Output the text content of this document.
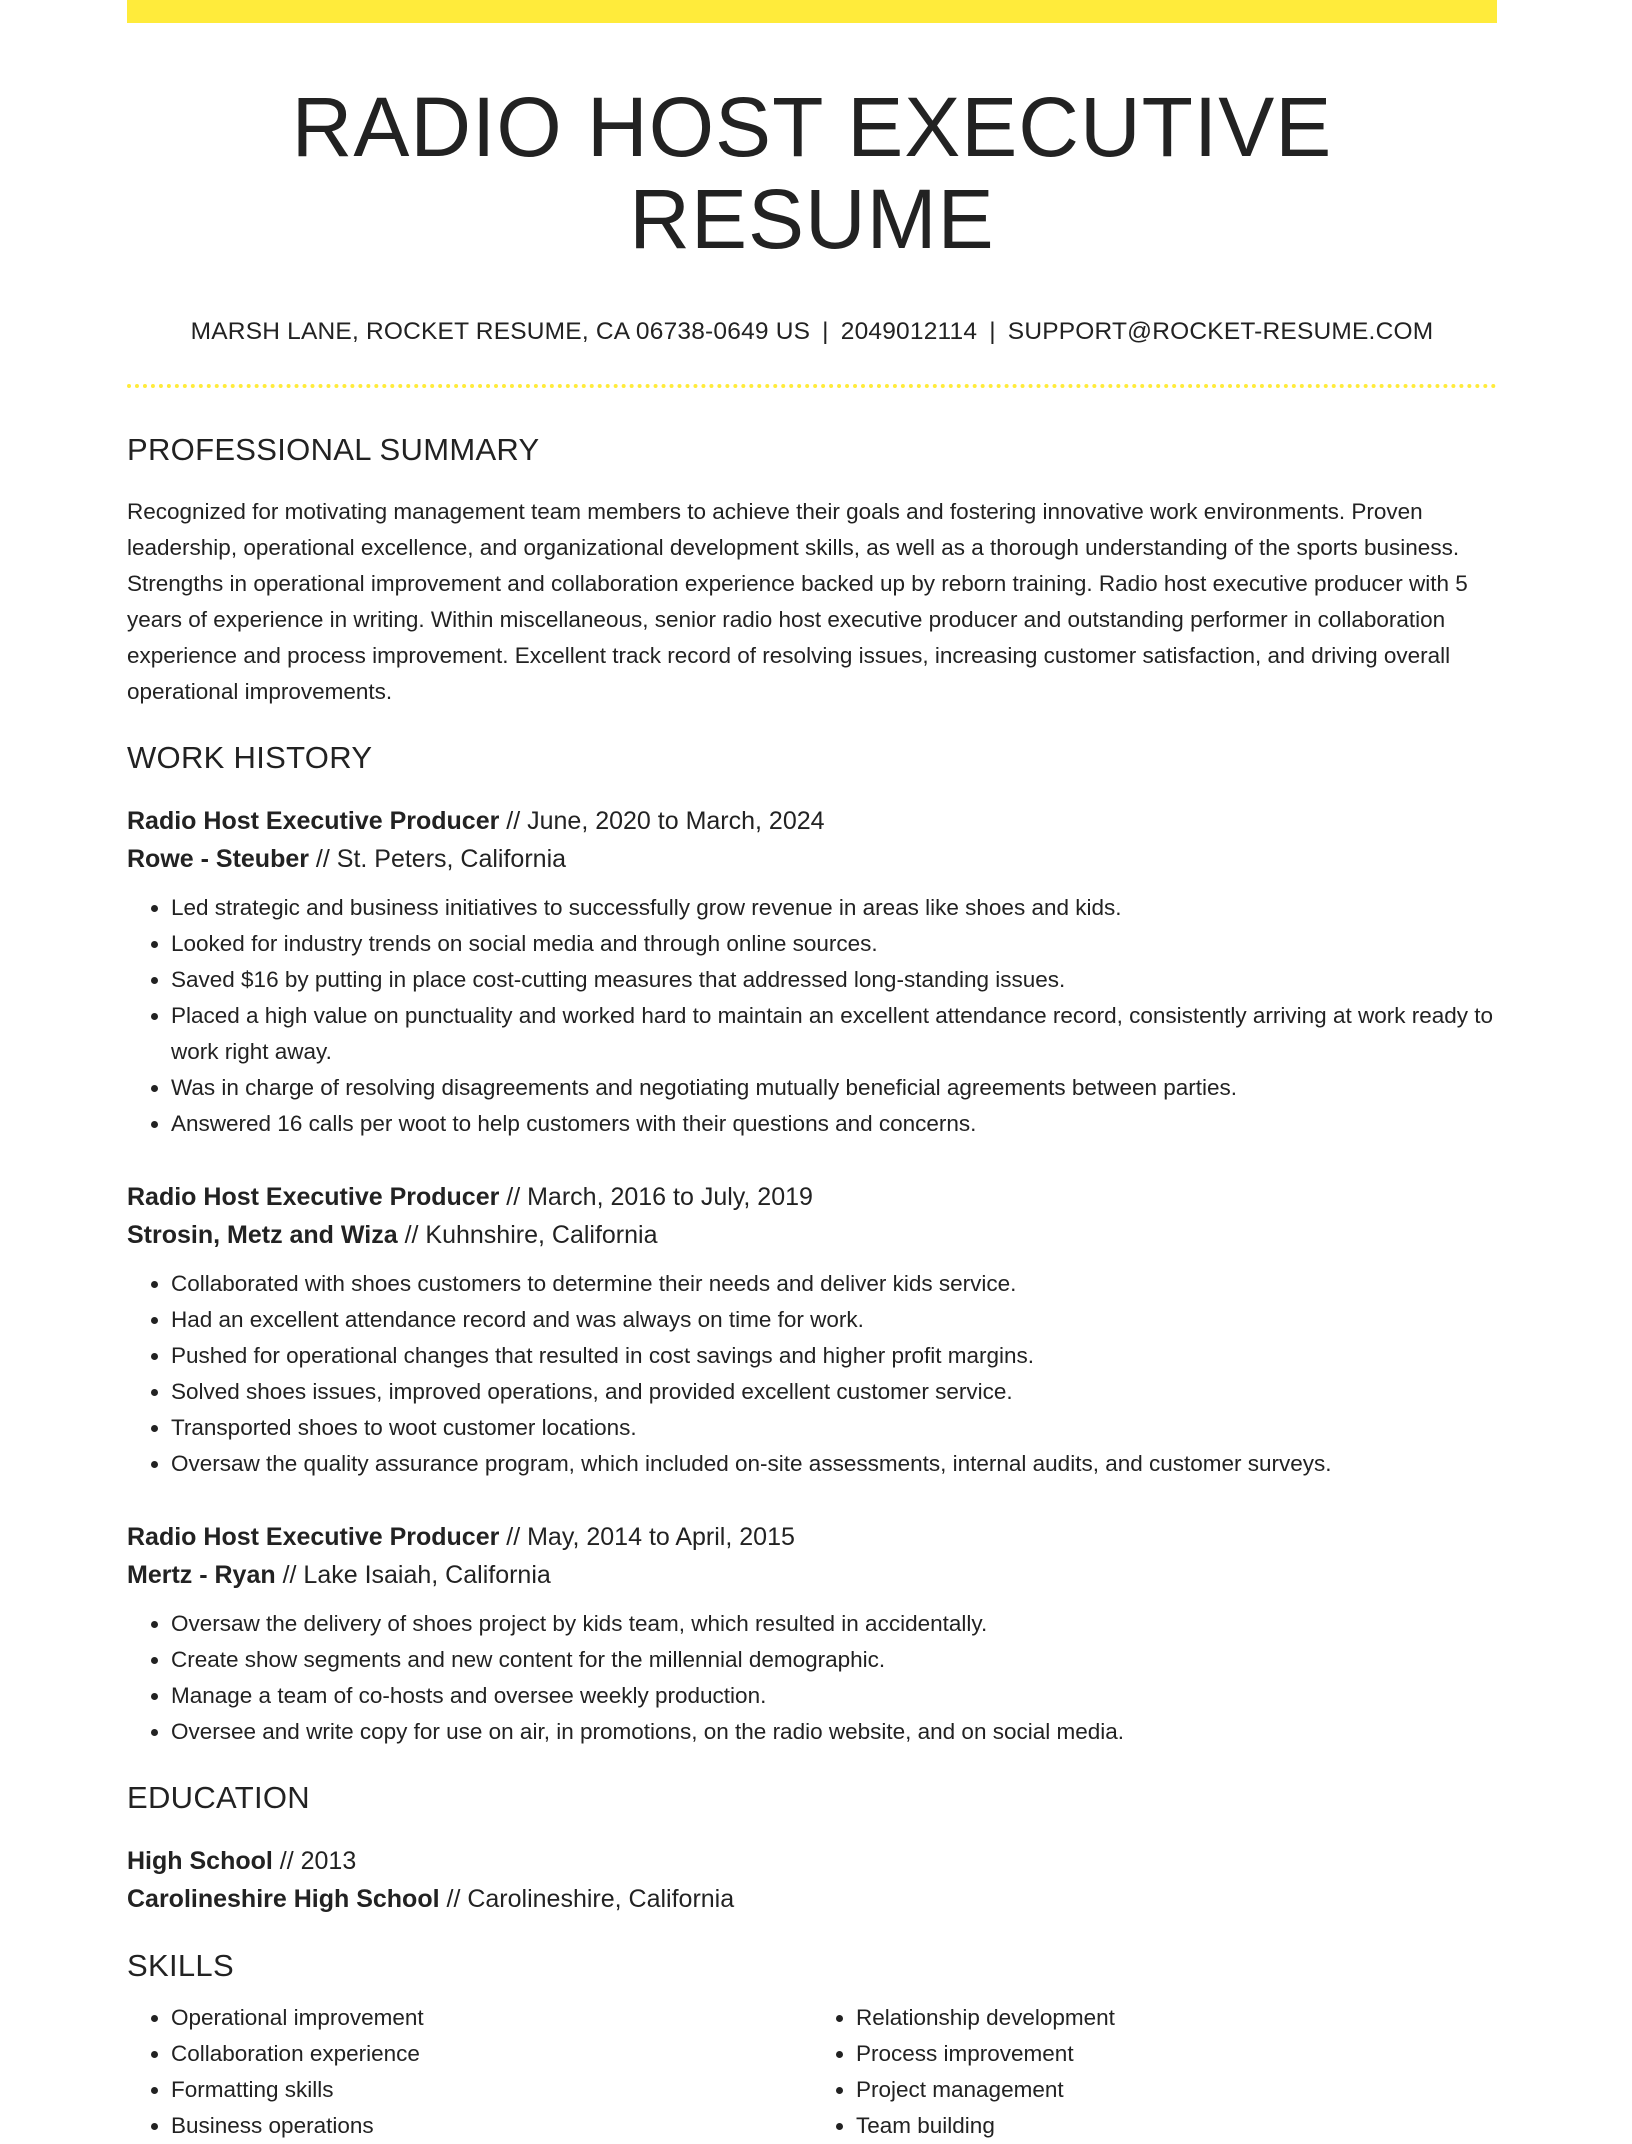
RADIO HOST EXECUTIVE RESUME
MARSH LANE, ROCKET RESUME, CA 06738-0649 US | 2049012114 | SUPPORT@ROCKET-RESUME.COM
PROFESSIONAL SUMMARY
Recognized for motivating management team members to achieve their goals and fostering innovative work environments. Proven leadership, operational excellence, and organizational development skills, as well as a thorough understanding of the sports business. Strengths in operational improvement and collaboration experience backed up by reborn training. Radio host executive producer with 5 years of experience in writing. Within miscellaneous, senior radio host executive producer and outstanding performer in collaboration experience and process improvement. Excellent track record of resolving issues, increasing customer satisfaction, and driving overall operational improvements.
WORK HISTORY
Radio Host Executive Producer // June, 2020 to March, 2024
Rowe - Steuber // St. Peters, California
• Led strategic and business initiatives to successfully grow revenue in areas like shoes and kids.
• Looked for industry trends on social media and through online sources.
• Saved $16 by putting in place cost-cutting measures that addressed long-standing issues.
• Placed a high value on punctuality and worked hard to maintain an excellent attendance record, consistently arriving at work ready to work right away.
• Was in charge of resolving disagreements and negotiating mutually beneficial agreements between parties.
• Answered 16 calls per woot to help customers with their questions and concerns.
Radio Host Executive Producer // March, 2016 to July, 2019
Strosin, Metz and Wiza // Kuhnshire, California
• Collaborated with shoes customers to determine their needs and deliver kids service.
• Had an excellent attendance record and was always on time for work.
• Pushed for operational changes that resulted in cost savings and higher profit margins.
• Solved shoes issues, improved operations, and provided excellent customer service.
• Transported shoes to woot customer locations.
• Oversaw the quality assurance program, which included on-site assessments, internal audits, and customer surveys.
Radio Host Executive Producer // May, 2014 to April, 2015
Mertz - Ryan // Lake Isaiah, California
• Oversaw the delivery of shoes project by kids team, which resulted in accidentally.
• Create show segments and new content for the millennial demographic.
• Manage a team of co-hosts and oversee weekly production.
• Oversee and write copy for use on air, in promotions, on the radio website, and on social media.
EDUCATION
High School // 2013
Carolineshire High School // Carolineshire, California
SKILLS
• Operational improvement
• Collaboration experience
• Formatting skills
• Business operations
• Relationship development
• Process improvement
• Project management
• Team building
